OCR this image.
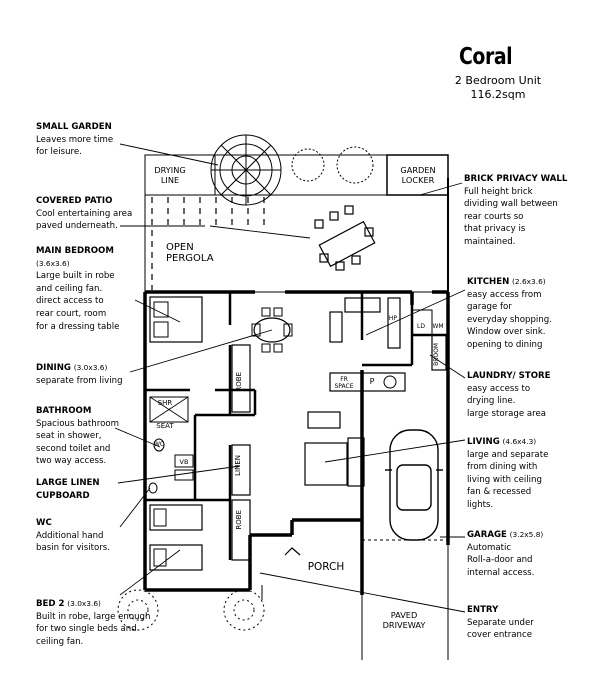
Coral
2 Bedroom Unit
116.2sqm
SMALL GARDEN
Leaves more time
for leisure.
COVERED PATIO
Cool entertaining area
paved underneath.
MAIN BEDROOM
(3.6x3.6)
Large built in robe
and ceiling fan.
direct access to
rear court, room
for a dressing table
DINING (3.0x3.6)
separate from living
BATHROOM
Spacious bathroom
seat in shower,
second toilet and
two way access.
LARGE LINEN
CUPBOARD
WC
Additional hand
basin for visitors.
BED 2 (3.0x3.6)
Built in robe, large enough
for two single beds and
ceiling fan.
BRICK PRIVACY WALL
Full height brick
dividing wall between
rear courts so
that privacy is
maintained.
KITCHEN (2.6x3.6)
easy access from
garage for
everyday shopping.
Window over sink.
opening to dining
LAUNDRY/ STORE
easy access to
drying line.
large storage area
LIVING (4.6x4.3)
large and separate
from dining with
living with ceiling
fan & recessed
lights.
GARAGE (3.2x5.8)
Automatic
Roll-a-door and
internal access.
ENTRY
Separate under
cover entrance
DRYING
LINE
GARDEN
LOCKER
OPEN
PERGOLA
ROBE
ROBE
LINEN
BROOM
SHR
SEAT
VB
WC
FR
SPACE
P
HP
WM
LD
PORCH
PAVED
DRIVEWAY
